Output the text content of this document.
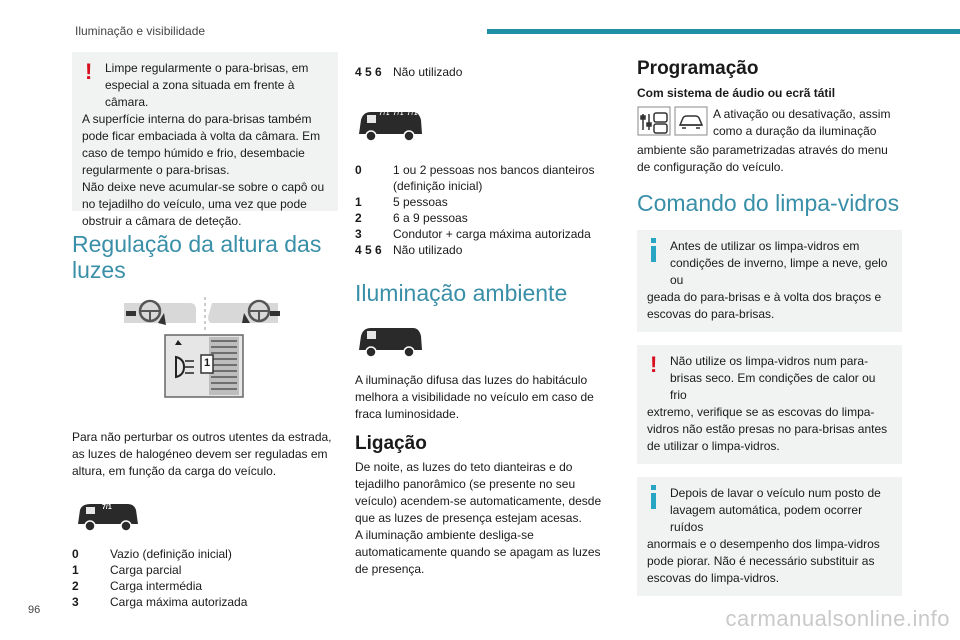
Iluminação e visibilidade
!	Limpe regularmente o para-brisas, em especial a zona situada em frente à câmara.

A superfície interna do para-brisas também pode ficar embaciada à volta da câmara. Em caso de tempo húmido e frio, desembacie regularmente o para-brisas.

Não deixe neve acumular-se sobre o capô ou no tejadilho do veículo, uma vez que pode obstruir a câmara de deteção.

Regulação da altura das luzes
1

Para não perturbar os outros utentes da estrada, as luzes de halogéneo devem ser reguladas em altura, em função da carga do veículo.

7/1
0	Vazio (definição inicial)
1	Carga parcial
2	Carga intermédia
3	Carga máxima autorizada
4 5 6 Não utilizado
7/1 7/1 7/1
0	1 ou 2 pessoas nos bancos dianteiros (definição inicial)
1	5 pessoas
2	6 a 9 pessoas
3	Condutor + carga máxima autorizada
4 5 6 Não utilizado
Iluminação ambiente

A iluminação difusa das luzes do habitáculo melhora a visibilidade no veículo em caso de fraca luminosidade.

Ligação

De noite, as luzes do teto dianteiras e do tejadilho panorâmico (se presente no seu veículo) acendem-se automaticamente, desde que as luzes de presença estejam acesas.

A iluminação ambiente desliga-se automaticamente quando se apagam as luzes de presença.

Programação

Com sistema de áudio ou ecrã tátil

A ativação ou desativação, assim como a duração da iluminação

ambiente são parametrizadas através do menu de configuração do veículo.

Comando do limpa-vidros

Antes de utilizar os limpa-vidros em condições de inverno, limpe a neve, gelo ou

geada do para-brisas e à volta dos braços e escovas do para-brisas.

!	Não utilize os limpa-vidros num para-brisas seco. Em condições de calor ou frio

extremo, verifique se as escovas do limpa-vidros não estão presas no para-brisas antes de utilizar o limpa-vidros.

Depois de lavar o veículo num posto de lavagem automática, podem ocorrer ruídos

anormais e o desempenho dos limpa-vidros pode piorar. Não é necessário substituir as escovas do limpa-vidros.

96	carmanualsonline.info
